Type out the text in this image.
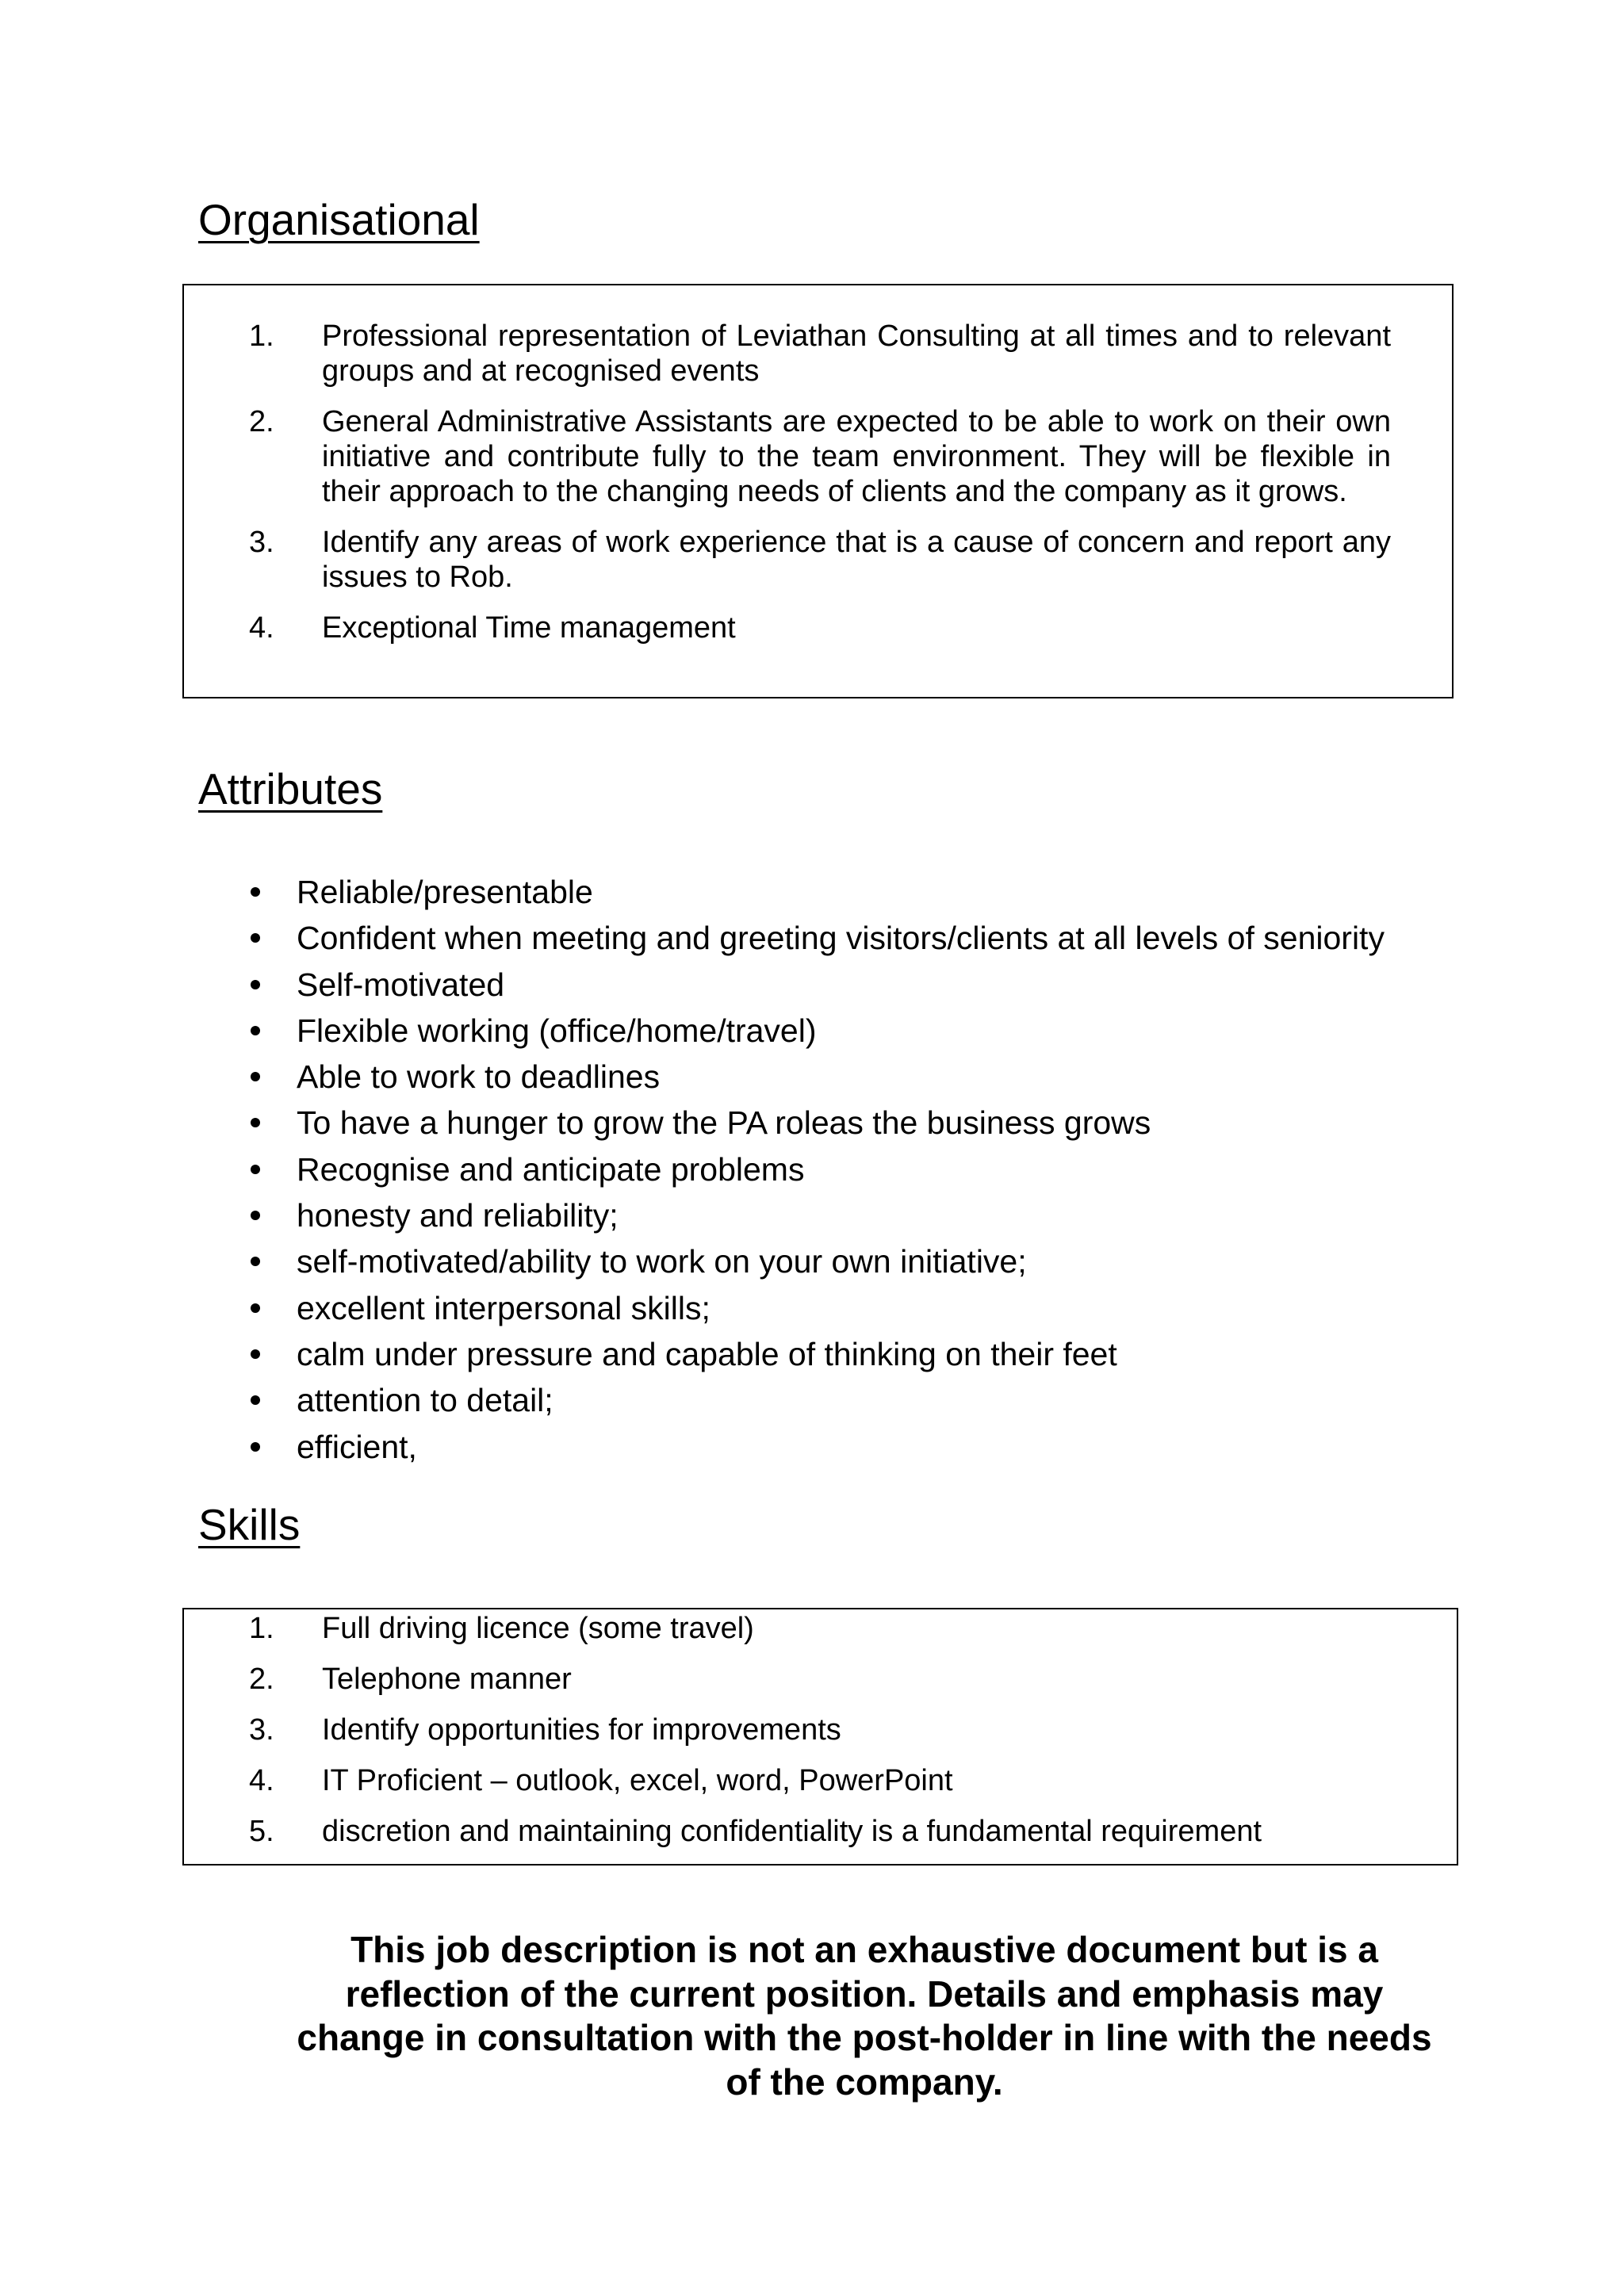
Organisational
1.	Professional representation of Leviathan Consulting at all times and to relevant groups and at recognised events
2.	General Administrative Assistants are expected to be able to work on their own initiative and contribute fully to the team environment. They will be flexible in their approach to the changing needs of clients and the company as it grows.
3.	Identify any areas of work experience that is a cause of concern and report any issues to Rob.
4.	Exceptional Time management
Attributes
Reliable/presentable
Confident when meeting and greeting visitors/clients at all levels of seniority
Self-motivated
Flexible working (office/home/travel)
Able to work to deadlines
To have a hunger to grow the PA roleas the business grows
Recognise and anticipate problems
honesty and reliability;
self-motivated/ability to work on your own initiative;
excellent interpersonal skills;
calm under pressure and capable of thinking on their feet
attention to detail;
efficient,
Skills
1.	Full driving licence (some travel)
2.	Telephone manner
3.	Identify opportunities for improvements
4.	IT Proficient – outlook, excel, word, PowerPoint
5.	discretion and maintaining confidentiality is a fundamental requirement

This job description is not an exhaustive document but is a reflection of the current position. Details and emphasis may change in consultation with the post-holder in line with the needs of the company.
